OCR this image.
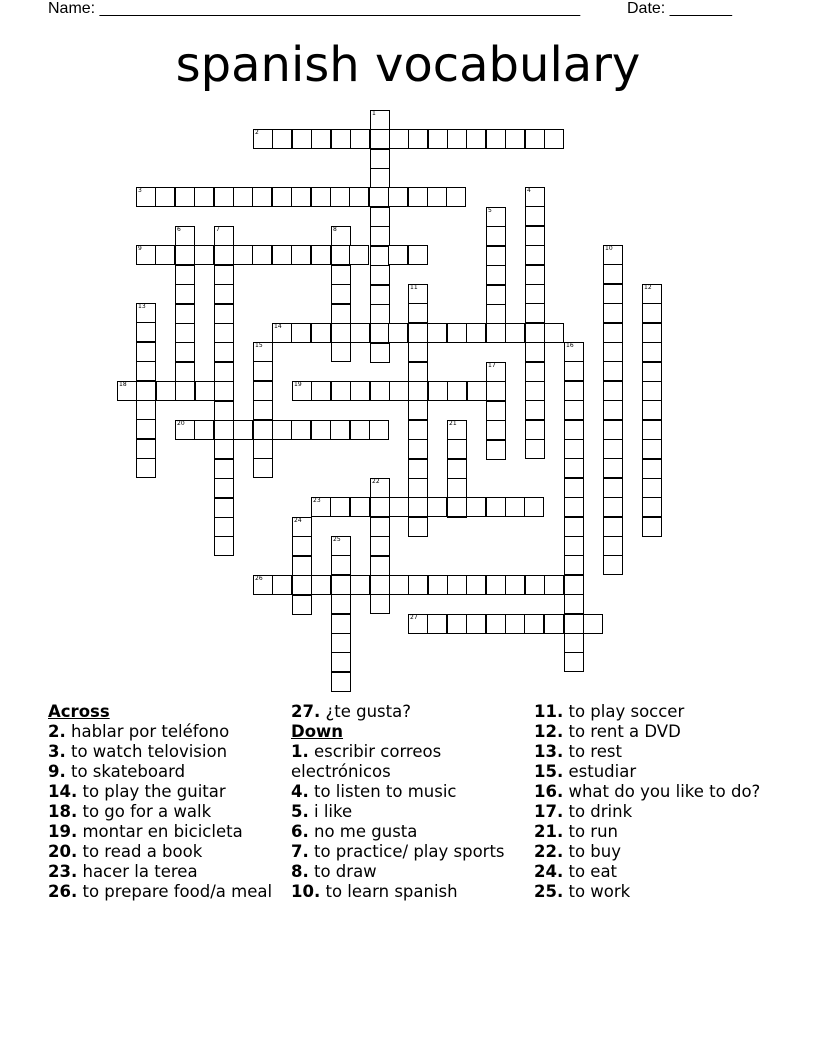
Name: ______________________________________________________	Date: _______
spanish vocabulary
1
2
3	4
5
6	7	8
9	10
11	12
13
14
15	16
17
18	19
20	21
22
23
24
25
26
27

Across

2. hablar por teléfono

3. to watch telovision

9. to skateboard

14. to play the guitar

18. to go for a walk

19. montar en bicicleta

20. to read a book

23. hacer la terea

26. to prepare food/a meal

27. ¿te gusta?

Down

1. escribir correos electrónicos

4. to listen to music

5. i like

6. no me gusta

7. to practice/ play sports

8. to draw

10. to learn spanish

11. to play soccer

12. to rent a DVD

13. to rest

15. estudiar

16. what do you like to do?

17. to drink

21. to run

22. to buy

24. to eat

25. to work
